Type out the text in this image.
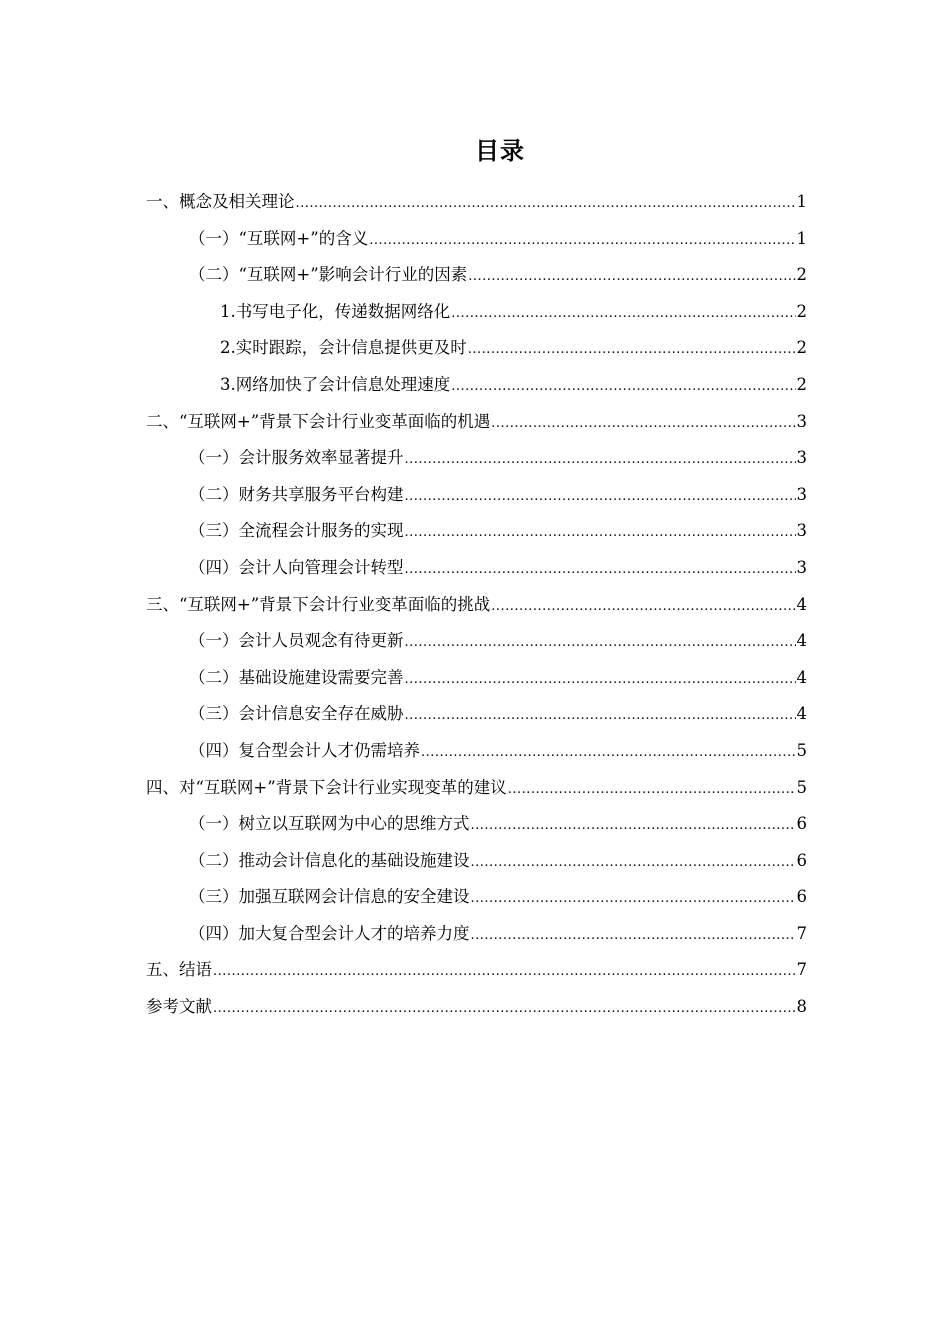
目录
一、概念及相关理论 .....	1
（一）“互联网+”的含义 .....	1
（二）“互联网+”影响会计行业的因素 .....	2
1.书写电子化，传递数据网络化 .....	2
2.实时跟踪，会计信息提供更及时 .....	2
3.网络加快了会计信息处理速度 .....	2
二、“互联网+”背景下会计行业变革面临的机遇 .....	3
（一）会计服务效率显著提升 .....	3
（二）财务共享服务平台构建 .....	3
（三）全流程会计服务的实现 .....	3
（四）会计人向管理会计转型 .....	3
三、“互联网+”背景下会计行业变革面临的挑战 .....	4
（一）会计人员观念有待更新 .....	4
（二）基础设施建设需要完善 .....	4
（三）会计信息安全存在威胁 .....	4
（四）复合型会计人才仍需培养 .....	5
四、对“互联网+”背景下会计行业实现变革的建议 .....	5
（一）树立以互联网为中心的思维方式 .....	6
（二）推动会计信息化的基础设施建设 .....	6
（三）加强互联网会计信息的安全建设 .....	6
（四）加大复合型会计人才的培养力度 .....	7
五、结语 .....	7
参考文献 .....	8
